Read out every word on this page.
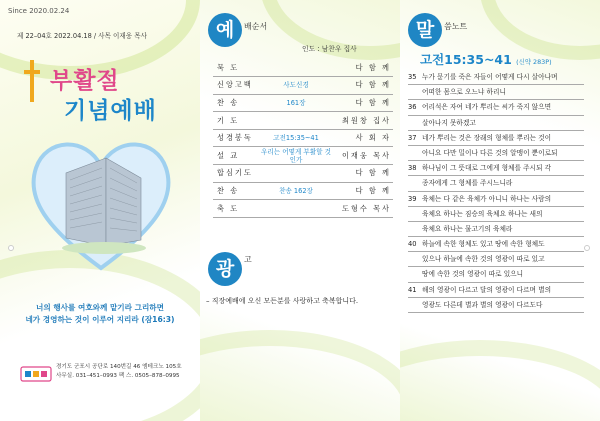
Since 2020.02.24
제 22–04호 2022.04.18 / 사목 이재웅 목사
부활절
기념예배
너의 행사를 여호와께 맡기라 그리하면
네가 경영하는 것이 이루어 지리라 (잠16:3)
경기도 군포시 공단로 140번길 46 엠테크노 105호
사무실. 031–451–0993 팩 스. 0505–878–0995
예	배순서
인도 : 남찬우 집사
묵 도		다 함 께
신앙고백	사도신경	다 함 께
찬 송	161장	다 함 께
기 도		최원창 집사
성경봉독	고전15:35~41	사 회 자
설 교	우리는 어떻게 부활할 것인가	이재웅 목사
합심기도		다 함 께
찬 송	찬송 162장	다 함 께
축 도		도형수 목사
광	고
– 직장예배에 오신 모든분를 사랑하고 축복합니다.
말	씀노트
고전15:35~41 (신약 283P)
35 누가 묻기를 죽은 자들이 어떻게 다시 살아나며
어떠한 몸으로 오느냐 하리니
36 어리석은 자여 네가 뿌리는 씨가 죽지 않으면
살아나지 못하겠고
37 네가 뿌리는 것은 장래의 형체를 뿌리는 것이
아니요 다만 밀이나 다른 것의 알맹이 뿐이로되
38 하나님이 그 뜻대로 그에게 형체를 주시되 각
종자에게 그 형체를 주시느니라
39 육체는 다 같은 육체가 아니니 하나는 사람의
육체요 하나는 짐승의 육체요 하나는 새의
육체요 하나는 물고기의 육체라
40 하늘에 속한 형체도 있고 땅에 속한 형체도
있으나 하늘에 속한 것의 영광이 따로 있고
땅에 속한 것의 영광이 따로 있으니
41 해의 영광이 다르고 달의 영광이 다르며 별의
영광도 다른데 별과 별의 영광이 다르도다
